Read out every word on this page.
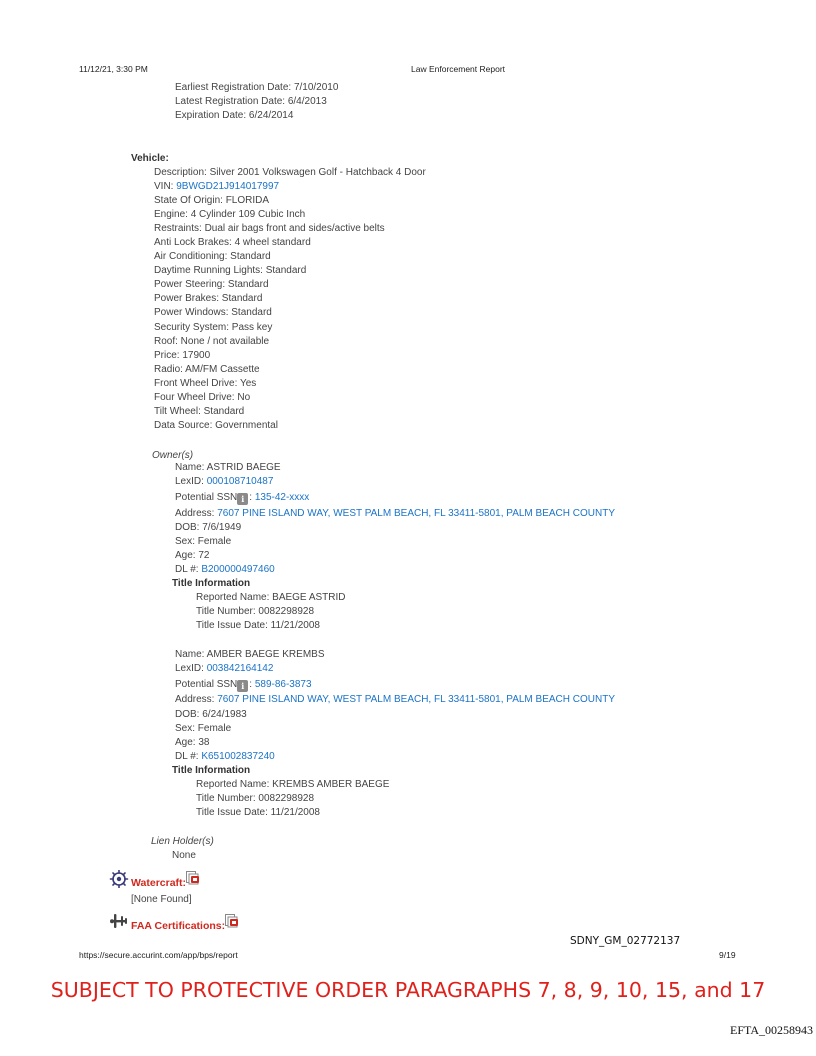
11/12/21, 3:30 PM	Law Enforcement Report
Earliest Registration Date: 7/10/2010
Latest Registration Date: 6/4/2013
Expiration Date: 6/24/2014
Vehicle:
Description: Silver 2001 Volkswagen Golf - Hatchback 4 Door
VIN: 9BWGD21J914017997
State Of Origin: FLORIDA
Engine: 4 Cylinder 109 Cubic Inch
Restraints: Dual air bags front and sides/active belts
Anti Lock Brakes: 4 wheel standard
Air Conditioning: Standard
Daytime Running Lights: Standard
Power Steering: Standard
Power Brakes: Standard
Power Windows: Standard
Security System: Pass key
Roof: None / not available
Price: 17900
Radio: AM/FM Cassette
Front Wheel Drive: Yes
Four Wheel Drive: No
Tilt Wheel: Standard
Data Source: Governmental
Owner(s)
Name: ASTRID BAEGE
LexID: 000108710487
Potential SSN i : 135-42-xxxx
Address: 7607 PINE ISLAND WAY, WEST PALM BEACH, FL 33411-5801, PALM BEACH COUNTY
DOB: 7/6/1949
Sex: Female
Age: 72
DL #: B200000497460
Title Information
Reported Name: BAEGE ASTRID
Title Number: 0082298928
Title Issue Date: 11/21/2008
Name: AMBER BAEGE KREMBS
LexID: 003842164142
Potential SSN i : 589-86-3873
Address: 7607 PINE ISLAND WAY, WEST PALM BEACH, FL 33411-5801, PALM BEACH COUNTY
DOB: 6/24/1983
Sex: Female
Age: 38
DL #: K651002837240
Title Information
Reported Name: KREMBS AMBER BAEGE
Title Number: 0082298928
Title Issue Date: 11/21/2008
Lien Holder(s)
None
Watercraft:
[None Found]
FAA Certifications:
SDNY_GM_02772137
https://secure.accurint.com/app/bps/report	9/19
SUBJECT TO PROTECTIVE ORDER PARAGRAPHS 7, 8, 9, 10, 15, and 17
EFTA_00258943
